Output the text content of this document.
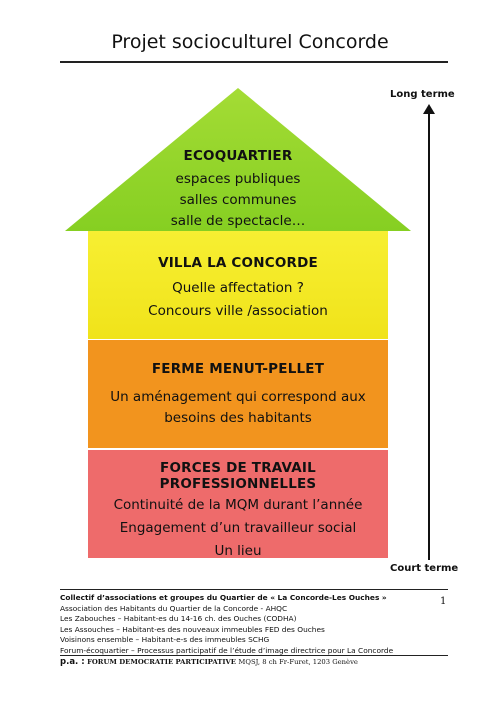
Projet socioculturel Concorde
ECOQUARTIER
espaces publiques
salles communes
salle de spectacle…
VILLA LA CONCORDE
Quelle affectation ?
Concours ville /association
FERME MENUT-PELLET
Un aménagement qui correspond aux
besoins des habitants
FORCES DE TRAVAIL PROFESSIONNELLES
Continuité de la MQM durant l’année
Engagement d’un travailleur social
Un lieu
Long terme
Court terme
Collectif d’associations et groupes du Quartier de « La Concorde-Les Ouches »
Association des Habitants du Quartier de la Concorde - AHQC
Les Zabouches – Habitant-es du 14-16 ch. des Ouches (CODHA)
Les Assouches – Habitant-es des nouveaux immeubles FED des Ouches
Voisinons ensemble – Habitant-e-s des immeubles SCHG
Forum-écoquartier – Processus participatif de l’étude d’image directrice pour La Concorde
1
p.a. : FORUM DEMOCRATIE PARTICIPATIVE MQSJ, 8 ch Fr-Furet, 1203 Genève
